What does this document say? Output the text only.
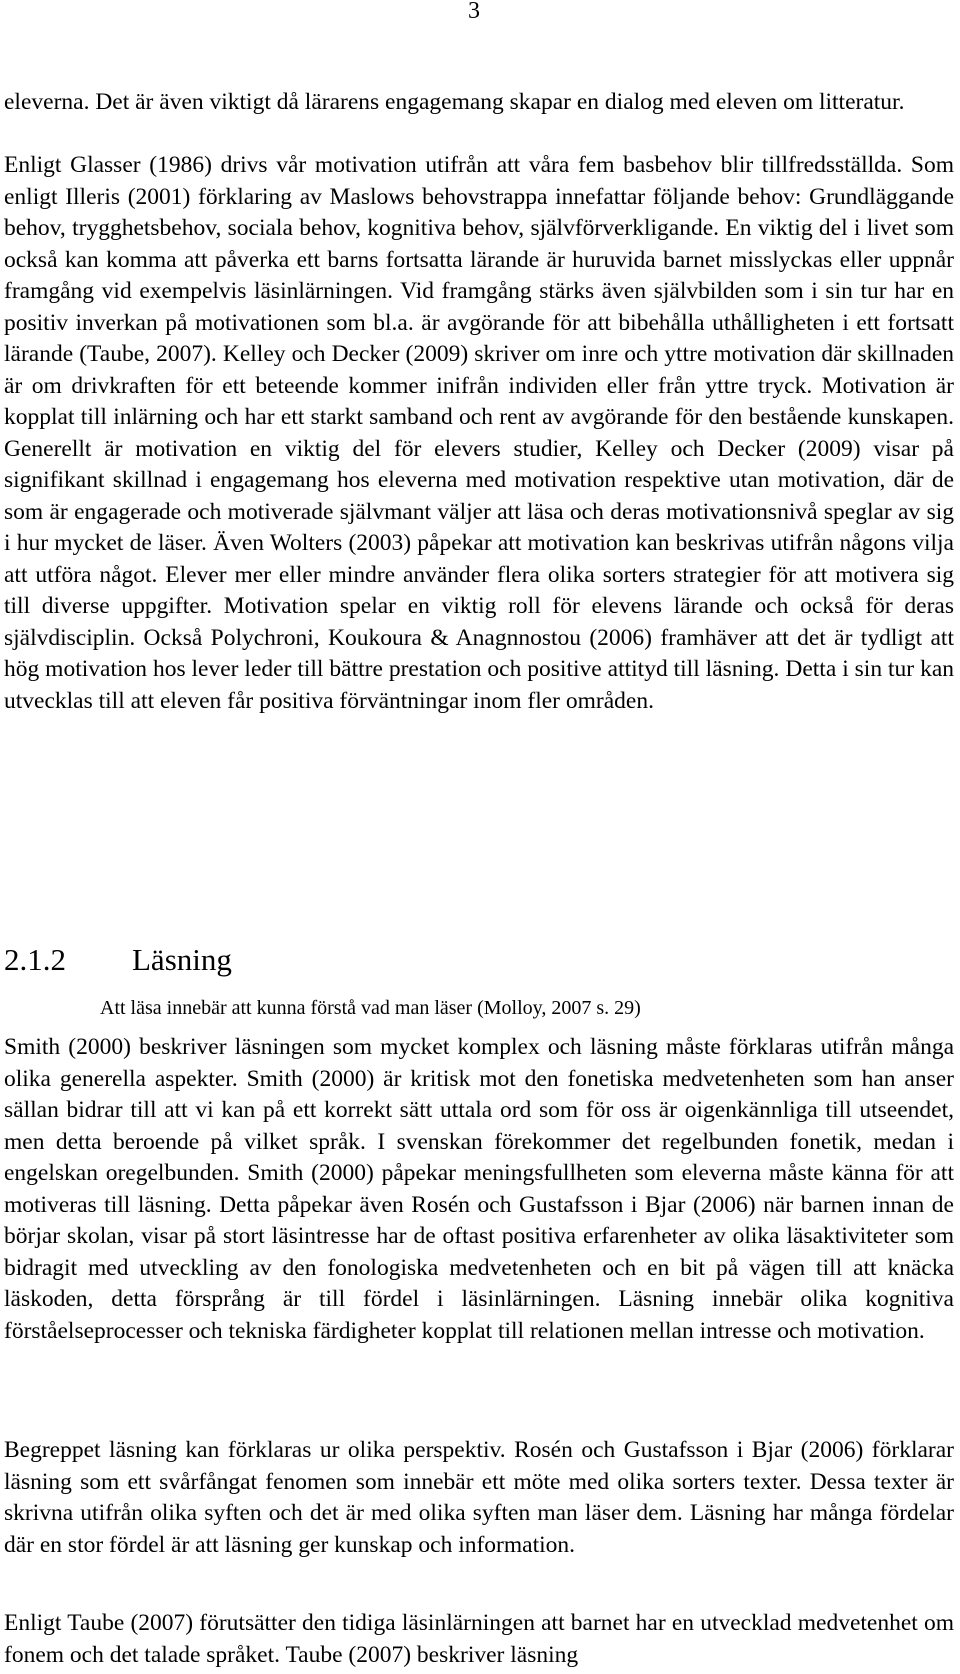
3

eleverna. Det är även viktigt då lärarens engagemang skapar en dialog med eleven om litteratur.

Enligt Glasser (1986) drivs vår motivation utifrån att våra fem basbehov blir tillfredsställda. Som enligt Illeris (2001) förklaring av Maslows behovstrappa innefattar följande behov: Grundläggande behov, trygghetsbehov, sociala behov, kognitiva behov, självförverkligande. En viktig del i livet som också kan komma att påverka ett barns fortsatta lärande är huruvida barnet misslyckas eller uppnår framgång vid exempelvis läsinlärningen. Vid framgång stärks även självbilden som i sin tur har en positiv inverkan på motivationen som bl.a. är avgörande för att bibehålla uthålligheten i ett fortsatt lärande (Taube, 2007). Kelley och Decker (2009) skriver om inre och yttre motivation där skillnaden är om drivkraften för ett beteende kommer inifrån individen eller från yttre tryck. Motivation är kopplat till inlärning och har ett starkt samband och rent av avgörande för den bestående kunskapen. Generellt är motivation en viktig del för elevers studier, Kelley och Decker (2009) visar på signifikant skillnad i engagemang hos eleverna med motivation respektive utan motivation, där de som är engagerade och motiverade självmant väljer att läsa och deras motivationsnivå speglar av sig i hur mycket de läser. Även Wolters (2003) påpekar att motivation kan beskrivas utifrån någons vilja att utföra något. Elever mer eller mindre använder flera olika sorters strategier för att motivera sig till diverse uppgifter. Motivation spelar en viktig roll för elevens lärande och också för deras självdisciplin. Också Polychroni, Koukoura & Anagnnostou (2006) framhäver att det är tydligt att hög motivation hos lever leder till bättre prestation och positive attityd till läsning. Detta i sin tur kan utvecklas till att eleven får positiva förväntningar inom fler områden.

2.1.2 Läsning

Att läsa innebär att kunna förstå vad man läser (Molloy, 2007 s. 29)

Smith (2000) beskriver läsningen som mycket komplex och läsning måste förklaras utifrån många olika generella aspekter. Smith (2000) är kritisk mot den fonetiska medvetenheten som han anser sällan bidrar till att vi kan på ett korrekt sätt uttala ord som för oss är oigenkännliga till utseendet, men detta beroende på vilket språk. I svenskan förekommer det regelbunden fonetik, medan i engelskan oregelbunden. Smith (2000) påpekar meningsfullheten som eleverna måste känna för att motiveras till läsning. Detta påpekar även Rosén och Gustafsson i Bjar (2006) när barnen innan de börjar skolan, visar på stort läsintresse har de oftast positiva erfarenheter av olika läsaktiviteter som bidragit med utveckling av den fonologiska medvetenheten och en bit på vägen till att knäcka läskoden, detta försprång är till fördel i läsinlärningen. Läsning innebär olika kognitiva förståelseprocesser och tekniska färdigheter kopplat till relationen mellan intresse och motivation.

Begreppet läsning kan förklaras ur olika perspektiv. Rosén och Gustafsson i Bjar (2006) förklarar läsning som ett svårfångat fenomen som innebär ett möte med olika sorters texter. Dessa texter är skrivna utifrån olika syften och det är med olika syften man läser dem. Läsning har många fördelar där en stor fördel är att läsning ger kunskap och information.

Enligt Taube (2007) förutsätter den tidiga läsinlärningen att barnet har en utvecklad medvetenhet om fonem och det talade språket. Taube (2007) beskriver läsning
